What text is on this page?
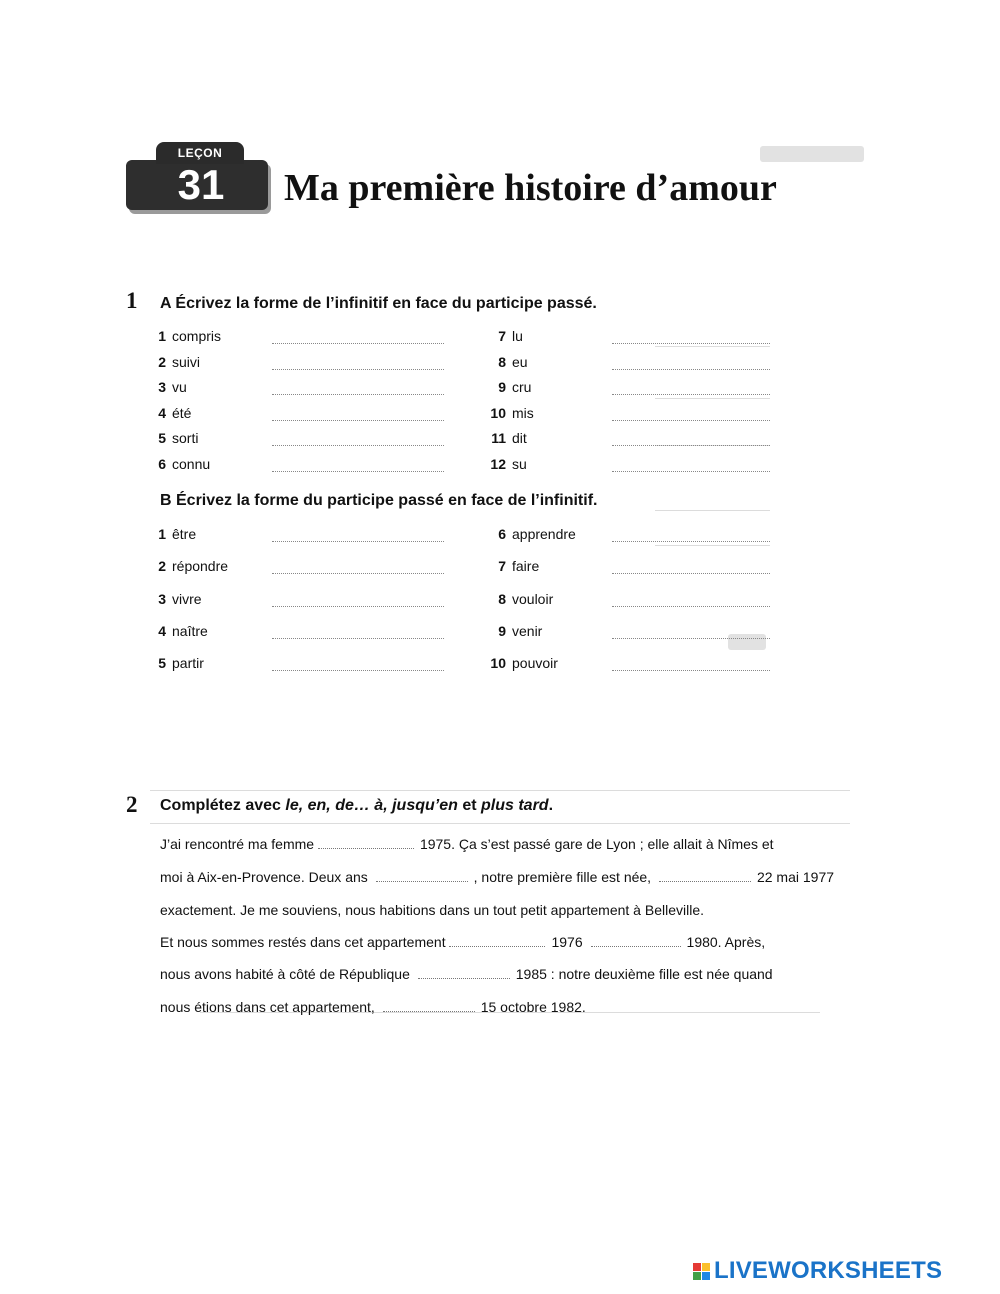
LEÇON
31	Ma première histoire d’amour
1 A Écrivez la forme de l’infinitif en face du participe passé.
1 compris
2 suivi
3 vu
4 été
5 sorti
6 connu
7 lu
8 eu
9 cru
10 mis
11 dit
12 su
B Écrivez la forme du participe passé en face de l’infinitif.
1 être
2 répondre
3 vivre
4 naître
5 partir
6 apprendre
7 faire
8 vouloir
9 venir
10 pouvoir
2 Complétez avec le, en, de… à, jusqu’en et plus tard.
J’ai rencontré ma femme	1975. Ça s’est passé gare de Lyon ; elle allait à Nîmes et
moi à Aix-en-Provence. Deux ans	, notre première fille est née,	22 mai 1977
exactement. Je me souviens, nous habitions dans un tout petit appartement à Belleville.
Et nous sommes restés dans cet appartement	1976	1980. Après,
nous avons habité à côté de République	1985 : notre deuxième fille est née quand
nous étions dans cet appartement,	15 octobre 1982.
LIVEWORKSHEETS
